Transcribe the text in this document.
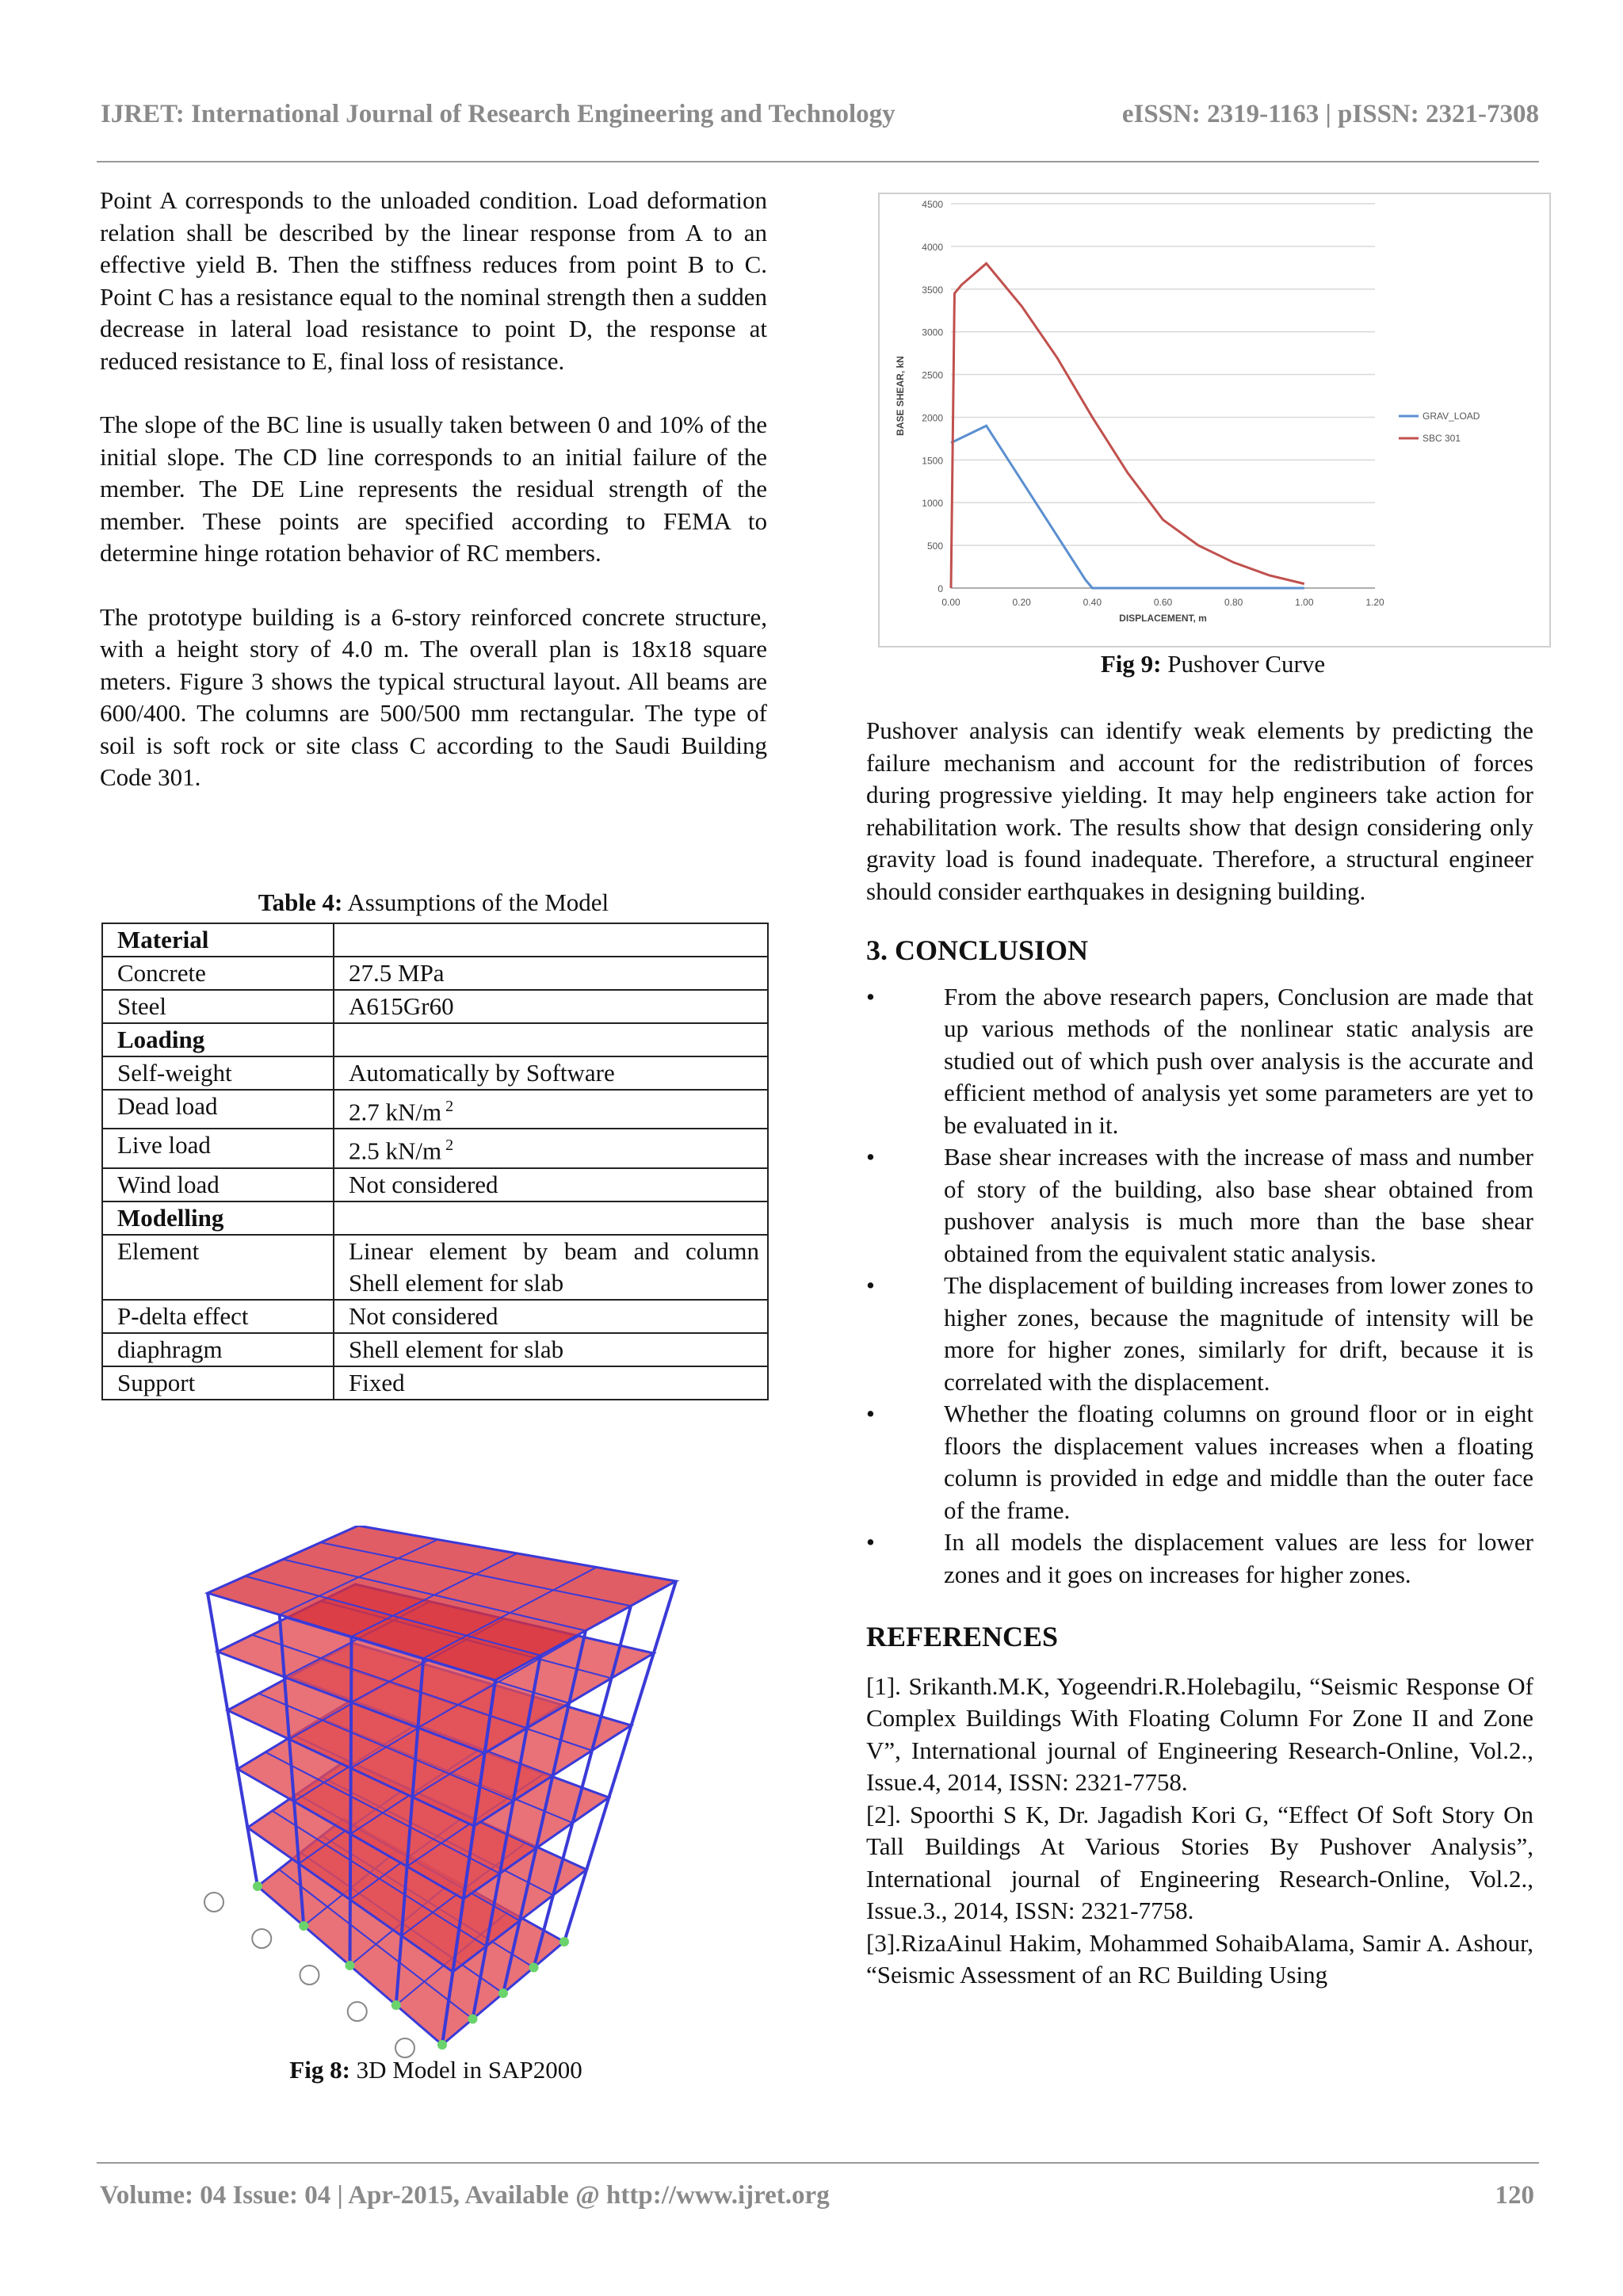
IJRET: International Journal of Research Engineering and Technology	eISSN: 2319-1163 | pISSN: 2321-7308

Point A corresponds to the unloaded condition. Load deformation relation shall be described by the linear response from A to an effective yield B. Then the stiffness reduces from point B to C. Point C has a resistance equal to the nominal strength then a sudden decrease in lateral load resistance to point D, the response at reduced resistance to E, final loss of resistance.

The slope of the BC line is usually taken between 0 and 10% of the initial slope. The CD line corresponds to an initial failure of the member. The DE Line represents the residual strength of the member. These points are specified according to FEMA to determine hinge rotation behavior of RC members.

The prototype building is a 6-story reinforced concrete structure, with a height story of 4.0 m. The overall plan is 18x18 square meters. Figure 3 shows the typical structural layout. All beams are 600/400. The columns are 500/500 mm rectangular. The type of soil is soft rock or site class C according to the Saudi Building Code 301.

Table 4: Assumptions of the Model
Material	
Concrete	27.5 MPa
Steel	A615Gr60
Loading	
Self-weight	Automatically by Software
Dead load	2.7 kN/m $^2$
Live load	2.5 kN/m $^2$
Wind load	Not considered
Modelling	
Element	Linear element by beam and column Shell element for slab
P-delta effect	Not considered
diaphragm	Shell element for slab
Support	Fixed
Fig 8: 3D Model in SAP2000
0
500
1000
1500
2000
2500
3000
3500
4000
4500
0.00	0.20	0.40	0.60	0.80	1.00	1.20
DISPLACEMENT, m
BASE SHEAR, kN	GRAV_LOAD
SBC 301
Fig 9: Pushover Curve

Pushover analysis can identify weak elements by predicting the failure mechanism and account for the redistribution of forces during progressive yielding. It may help engineers take action for rehabilitation work. The results show that design considering only gravity load is found inadequate. Therefore, a structural engineer should consider earthquakes in designing building.

3. CONCLUSION
•	From the above research papers, Conclusion are made that up various methods of the nonlinear static analysis are studied out of which push over analysis is the accurate and efficient method of analysis yet some parameters are yet to be evaluated in it.
•	Base shear increases with the increase of mass and number of story of the building, also base shear obtained from pushover analysis is much more than the base shear obtained from the equivalent static analysis.
•	The displacement of building increases from lower zones to higher zones, because the magnitude of intensity will be more for higher zones, similarly for drift, because it is correlated with the displacement.
•	Whether the floating columns on ground floor or in eight floors the displacement values increases when a floating column is provided in edge and middle than the outer face of the frame.
•	In all models the displacement values are less for lower zones and it goes on increases for higher zones.
REFERENCES
[1]. Srikanth.M.K, Yogeendri.R.Holebagilu, “Seismic Response Of Complex Buildings With Floating Column For Zone II and Zone V”, International journal of Engineering Research-Online, Vol.2., Issue.4, 2014, ISSN: 2321-7758.
[2]. Spoorthi S K, Dr. Jagadish Kori G, “Effect Of Soft Story On Tall Buildings At Various Stories By Pushover Analysis”, International journal of Engineering Research-Online, Vol.2., Issue.3., 2014, ISSN: 2321-7758.
[3].RizaAinul Hakim, Mohammed SohaibAlama, Samir A. Ashour, “Seismic Assessment of an RC Building Using
Volume: 04 Issue: 04 | Apr-2015, Available @ http://www.ijret.org	120
